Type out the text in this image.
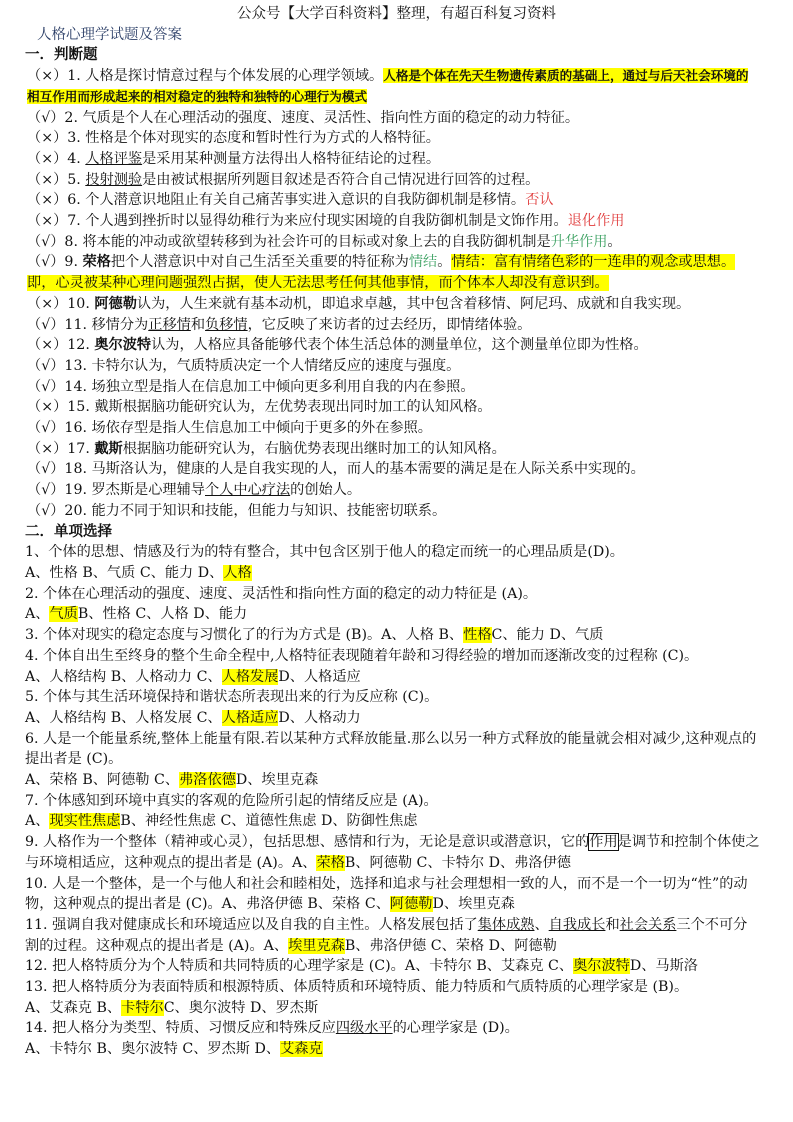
公众号【大学百科资料】整理，有超百科复习资料
人格心理学试题及答案
一．判断题

（×）1. 人格是探讨情意过程与个体发展的心理学领域。人格是个体在先天生物遗传素质的基础上，通过与后天社会环境的相互作用而形成起来的相对稳定的独特和独特的心理行为模式

（√）2. 气质是个人在心理活动的强度、速度、灵活性、指向性方面的稳定的动力特征。

（×）3. 性格是个体对现实的态度和暂时性行为方式的人格特征。

（×）4. 人格评鉴是采用某种测量方法得出人格特征结论的过程。

（×）5. 投射测验是由被试根据所列题目叙述是否符合自己情况进行回答的过程。

（×）6. 个人潜意识地阻止有关自己痛苦事实进入意识的自我防御机制是移情。否认

（×）7. 个人遇到挫折时以显得幼稚行为来应付现实困境的自我防御机制是文饰作用。退化作用

（√）8. 将本能的冲动或欲望转移到为社会许可的目标或对象上去的自我防御机制是升华作用。

（√）9. 荣格把个人潜意识中对自己生活至关重要的特征称为情结。情结：富有情绪色彩的一连串的观念或思想。即，心灵被某种心理问题强烈占据，使人无法思考任何其他事情，而个体本人却没有意识到。

（×）10. 阿德勒认为，人生来就有基本动机，即追求卓越，其中包含着移情、阿尼玛、成就和自我实现。

（√）11. 移情分为正移情和负移情，它反映了来访者的过去经历，即情绪体验。

（×）12. 奥尔波特认为，人格应具备能够代表个体生活总体的测量单位，这个测量单位即为性格。

（√）13. 卡特尔认为，气质特质决定一个人情绪反应的速度与强度。

（√）14. 场独立型是指人在信息加工中倾向更多利用自我的内在参照。

（×）15. 戴斯根据脑功能研究认为，左优势表现出同时加工的认知风格。

（√）16. 场依存型是指人生信息加工中倾向于更多的外在参照。

（×）17. 戴斯根据脑功能研究认为，右脑优势表现出继时加工的认知风格。

（√）18. 马斯洛认为，健康的人是自我实现的人，而人的基本需要的满足是在人际关系中实现的。

（√）19. 罗杰斯是心理辅导个人中心疗法的创始人。

（√）20. 能力不同于知识和技能，但能力与知识、技能密切联系。

二．单项选择

1、个体的思想、情感及行为的特有整合，其中包含区别于他人的稳定而统一的心理品质是(D)。

A、性格 B、气质 C、能力 D、人格

2. 个体在心理活动的强度、速度、灵活性和指向性方面的稳定的动力特征是 (A)。

A、气质B、性格 C、人格 D、能力

3. 个体对现实的稳定态度与习惯化了的行为方式是 (B)。A、人格 B、性格C、能力 D、气质

4. 个体自出生至终身的整个生命全程中,人格特征表现随着年龄和习得经验的增加而逐渐改变的过程称 (C)。

A、人格结构 B、人格动力 C、人格发展D、人格适应

5. 个体与其生活环境保持和谐状态所表现出来的行为反应称 (C)。

A、人格结构 B、人格发展 C、人格适应D、人格动力

6. 人是一个能量系统,整体上能量有限.若以某种方式释放能量.那么以另一种方式释放的能量就会相对减少,这种观点的提出者是 (C)。

A、荣格 B、阿德勒 C、弗洛依德D、埃里克森

7. 个体感知到环境中真实的客观的危险所引起的情绪反应是 (A)。

A、现实性焦虑B、神经性焦虑 C、道德性焦虑 D、防御性焦虑

9. 人格作为一个整体（精神或心灵），包括思想、感情和行为，无论是意识或潜意识，它的作用是调节和控制个体使之与环境相适应，这种观点的提出者是 (A)。A、荣格B、阿德勒 C、卡特尔 D、弗洛伊德

10. 人是一个整体，是一个与他人和社会和睦相处，选择和追求与社会理想相一致的人，而不是一个一切为“性”的动物，这种观点的提出者是 (C)。A、弗洛伊德 B、荣格 C、阿德勒D、埃里克森

11. 强调自我对健康成长和环境适应以及自我的自主性。人格发展包括了集体成熟、自我成长和社会关系三个不可分割的过程。这种观点的提出者是 (A)。A、埃里克森B、弗洛伊德 C、荣格 D、阿德勒

12. 把人格特质分为个人特质和共同特质的心理学家是 (C)。A、卡特尔 B、艾森克 C、奥尔波特D、马斯洛

13. 把人格特质分为表面特质和根源特质、体质特质和环境特质、能力特质和气质特质的心理学家是 (B)。

A、艾森克 B、卡特尔C、奥尔波特 D、罗杰斯

14. 把人格分为类型、特质、习惯反应和特殊反应四级水平的心理学家是 (D)。

A、卡特尔 B、奥尔波特 C、罗杰斯 D、艾森克
